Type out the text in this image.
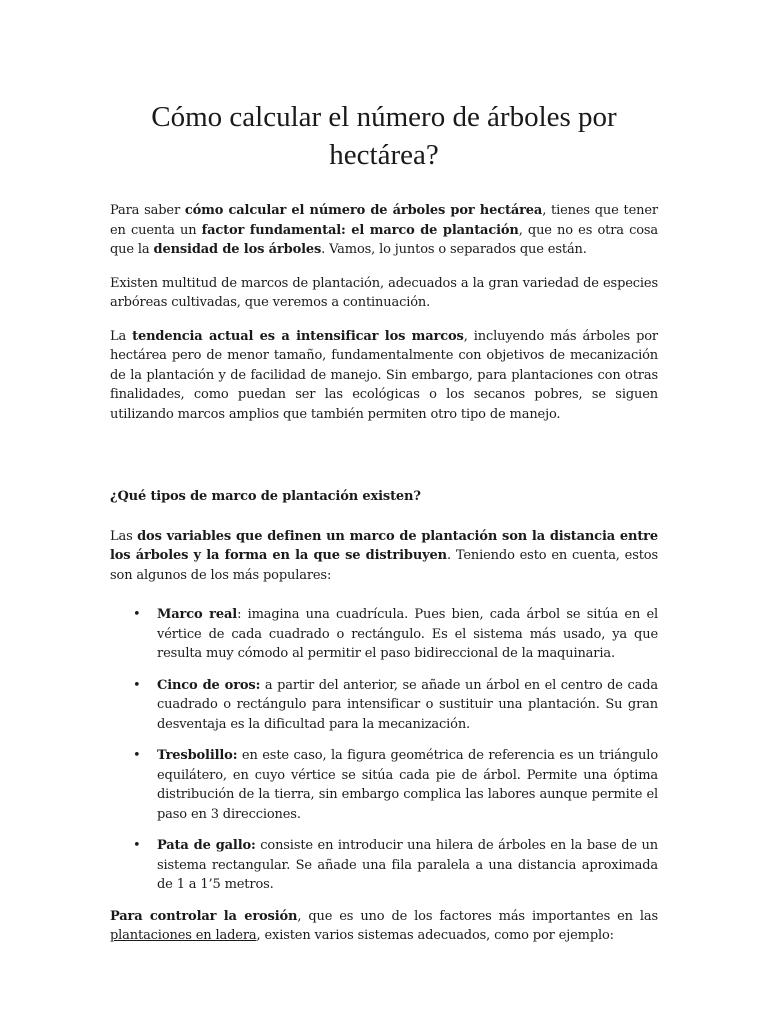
Cómo calcular el número de árboles por hectárea?

Para saber cómo calcular el número de árboles por hectárea, tienes que tener en cuenta un factor fundamental: el marco de plantación, que no es otra cosa que la densidad de los árboles. Vamos, lo juntos o separados que están.

Existen multitud de marcos de plantación, adecuados a la gran variedad de especies arbóreas cultivadas, que veremos a continuación.

La tendencia actual es a intensificar los marcos, incluyendo más árboles por hectárea pero de menor tamaño, fundamentalmente con objetivos de mecanización de la plantación y de facilidad de manejo. Sin embargo, para plantaciones con otras finalidades, como puedan ser las ecológicas o los secanos pobres, se siguen utilizando marcos amplios que también permiten otro tipo de manejo.

¿Qué tipos de marco de plantación existen?

Las dos variables que definen un marco de plantación son la distancia entre los árboles y la forma en la que se distribuyen. Teniendo esto en cuenta, estos son algunos de los más populares:

• Marco real: imagina una cuadrícula. Pues bien, cada árbol se sitúa en el vértice de cada cuadrado o rectángulo. Es el sistema más usado, ya que resulta muy cómodo al permitir el paso bidireccional de la maquinaria.
• Cinco de oros: a partir del anterior, se añade un árbol en el centro de cada cuadrado o rectángulo para intensificar o sustituir una plantación. Su gran desventaja es la dificultad para la mecanización.
• Tresbolillo: en este caso, la figura geométrica de referencia es un triángulo equilátero, en cuyo vértice se sitúa cada pie de árbol. Permite una óptima distribución de la tierra, sin embargo complica las labores aunque permite el paso en 3 direcciones.
• Pata de gallo: consiste en introducir una hilera de árboles en la base de un sistema rectangular. Se añade una fila paralela a una distancia aproximada de 1 a 1’5 metros.

Para controlar la erosión, que es uno de los factores más importantes en las plantaciones en ladera, existen varios sistemas adecuados, como por ejemplo:
